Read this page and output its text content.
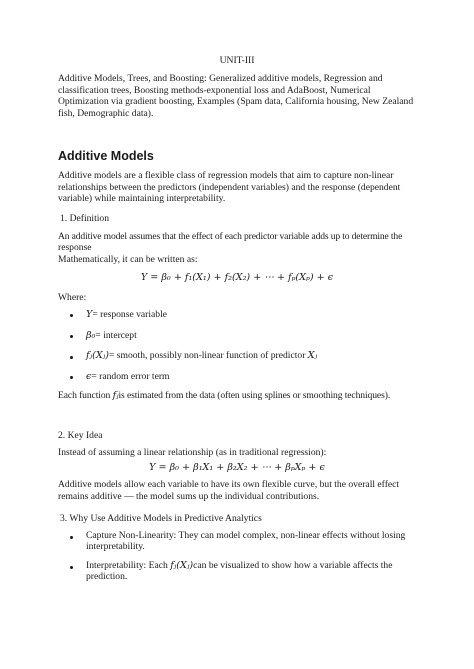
UNIT-III
Additive Models, Trees, and Boosting: Generalized additive models, Regression and
classification trees, Boosting methods-exponential loss and AdaBoost, Numerical
Optimization via gradient boosting, Examples (Spam data, California housing, New Zealand
fish, Demographic data).
Additive Models
Additive models are a flexible class of regression models that aim to capture non-linear
relationships between the predictors (independent variables) and the response (dependent
variable) while maintaining interpretability.
1. Definition
An additive model assumes that the effect of each predictor variable adds up to determine the
response
Mathematically, it can be written as:
Y = β₀ + f₁(X₁) + f₂(X₂) + ⋯ + fₚ(Xₚ) + ϵ
Where:
Y= response variable
β₀= intercept
fⱼ(Xⱼ)= smooth, possibly non-linear function of predictor Xⱼ
ϵ= random error term
Each function fⱼis estimated from the data (often using splines or smoothing techniques).
2. Key Idea
Instead of assuming a linear relationship (as in traditional regression):
Y = β₀ + β₁X₁ + β₂X₂ + ⋯ + βₚXₚ + ϵ
Additive models allow each variable to have its own flexible curve, but the overall effect
remains additive — the model sums up the individual contributions.
3. Why Use Additive Models in Predictive Analytics
Capture Non-Linearity: They can model complex, non-linear effects without losing
interpretability.
Interpretability: Each fⱼ(Xⱼ)can be visualized to show how a variable affects the
prediction.
